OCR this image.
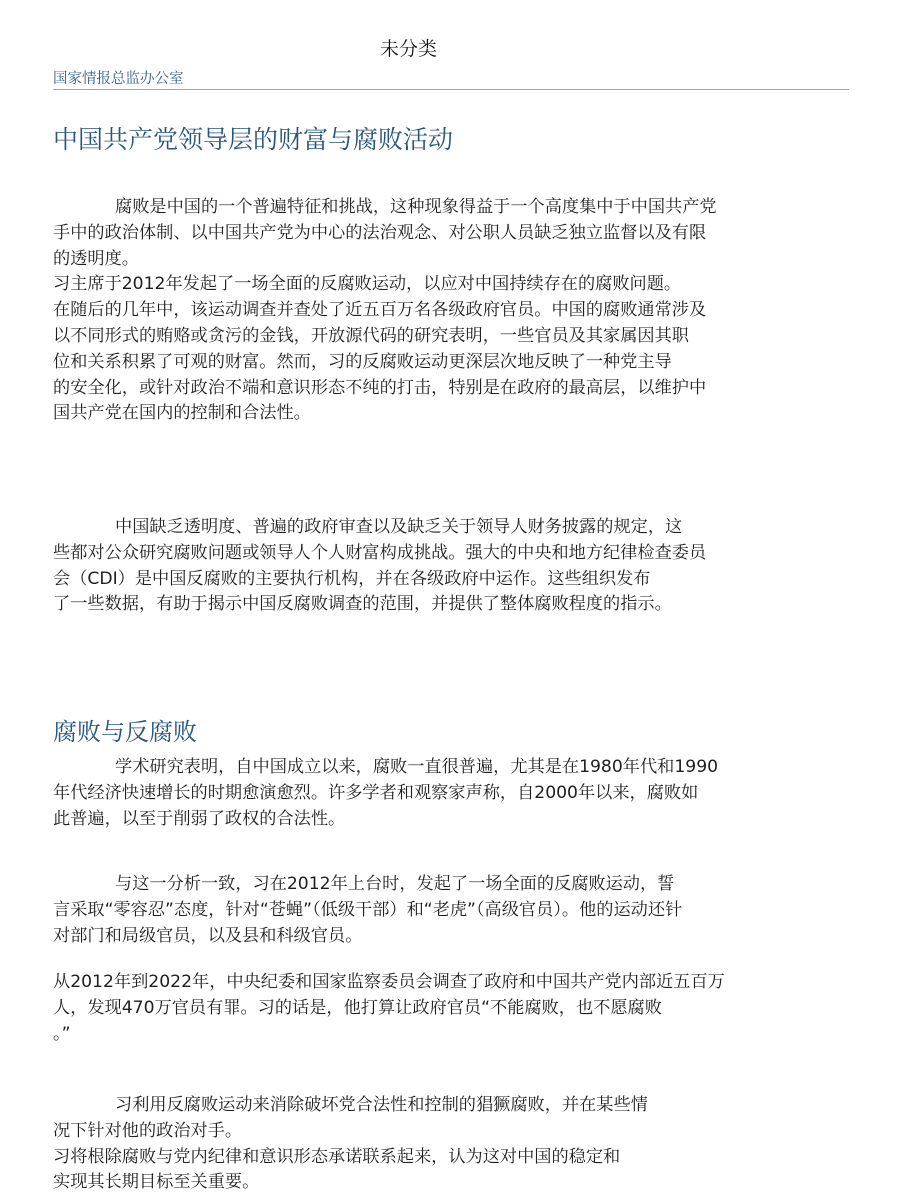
未分类
国家情报总监办公室
中国共产党领导层的财富与腐败活动
腐败是中国的一个普遍特征和挑战，这种现象得益于一个高度集中于中国共产党
手中的政治体制、以中国共产党为中心的法治观念、对公职人员缺乏独立监督以及有限
的透明度。
习主席于2012年发起了一场全面的反腐败运动，以应对中国持续存在的腐败问题。
在随后的几年中，该运动调查并查处了近五百万名各级政府官员。中国的腐败通常涉及
以不同形式的贿赂或贪污的金钱，开放源代码的研究表明，一些官员及其家属因其职
位和关系积累了可观的财富。然而，习的反腐败运动更深层次地反映了一种党主导
的安全化，或针对政治不端和意识形态不纯的打击，特别是在政府的最高层，以维护中
国共产党在国内的控制和合法性。
中国缺乏透明度、普遍的政府审查以及缺乏关于领导人财务披露的规定，这
些都对公众研究腐败问题或领导人个人财富构成挑战。强大的中央和地方纪律检查委员
会（CDI）是中国反腐败的主要执行机构，并在各级政府中运作。这些组织发布
了一些数据，有助于揭示中国反腐败调查的范围，并提供了整体腐败程度的指示。
腐败与反腐败
学术研究表明，自中国成立以来，腐败一直很普遍，尤其是在1980年代和1990
年代经济快速增长的时期愈演愈烈。许多学者和观察家声称，自2000年以来，腐败如
此普遍，以至于削弱了政权的合法性。
与这一分析一致，习在2012年上台时，发起了一场全面的反腐败运动，誓
言采取“零容忍”态度，针对“苍蝇”（低级干部）和“老虎”（高级官员）。他的运动还针
对部门和局级官员，以及县和科级官员。
从2012年到2022年，中央纪委和国家监察委员会调查了政府和中国共产党内部近五百万
人，发现470万官员有罪。习的话是，他打算让政府官员“不能腐败，也不愿腐败
。”
习利用反腐败运动来消除破坏党合法性和控制的猖獗腐败，并在某些情
况下针对他的政治对手。
习将根除腐败与党内纪律和意识形态承诺联系起来，认为这对中国的稳定和
实现其长期目标至关重要。
